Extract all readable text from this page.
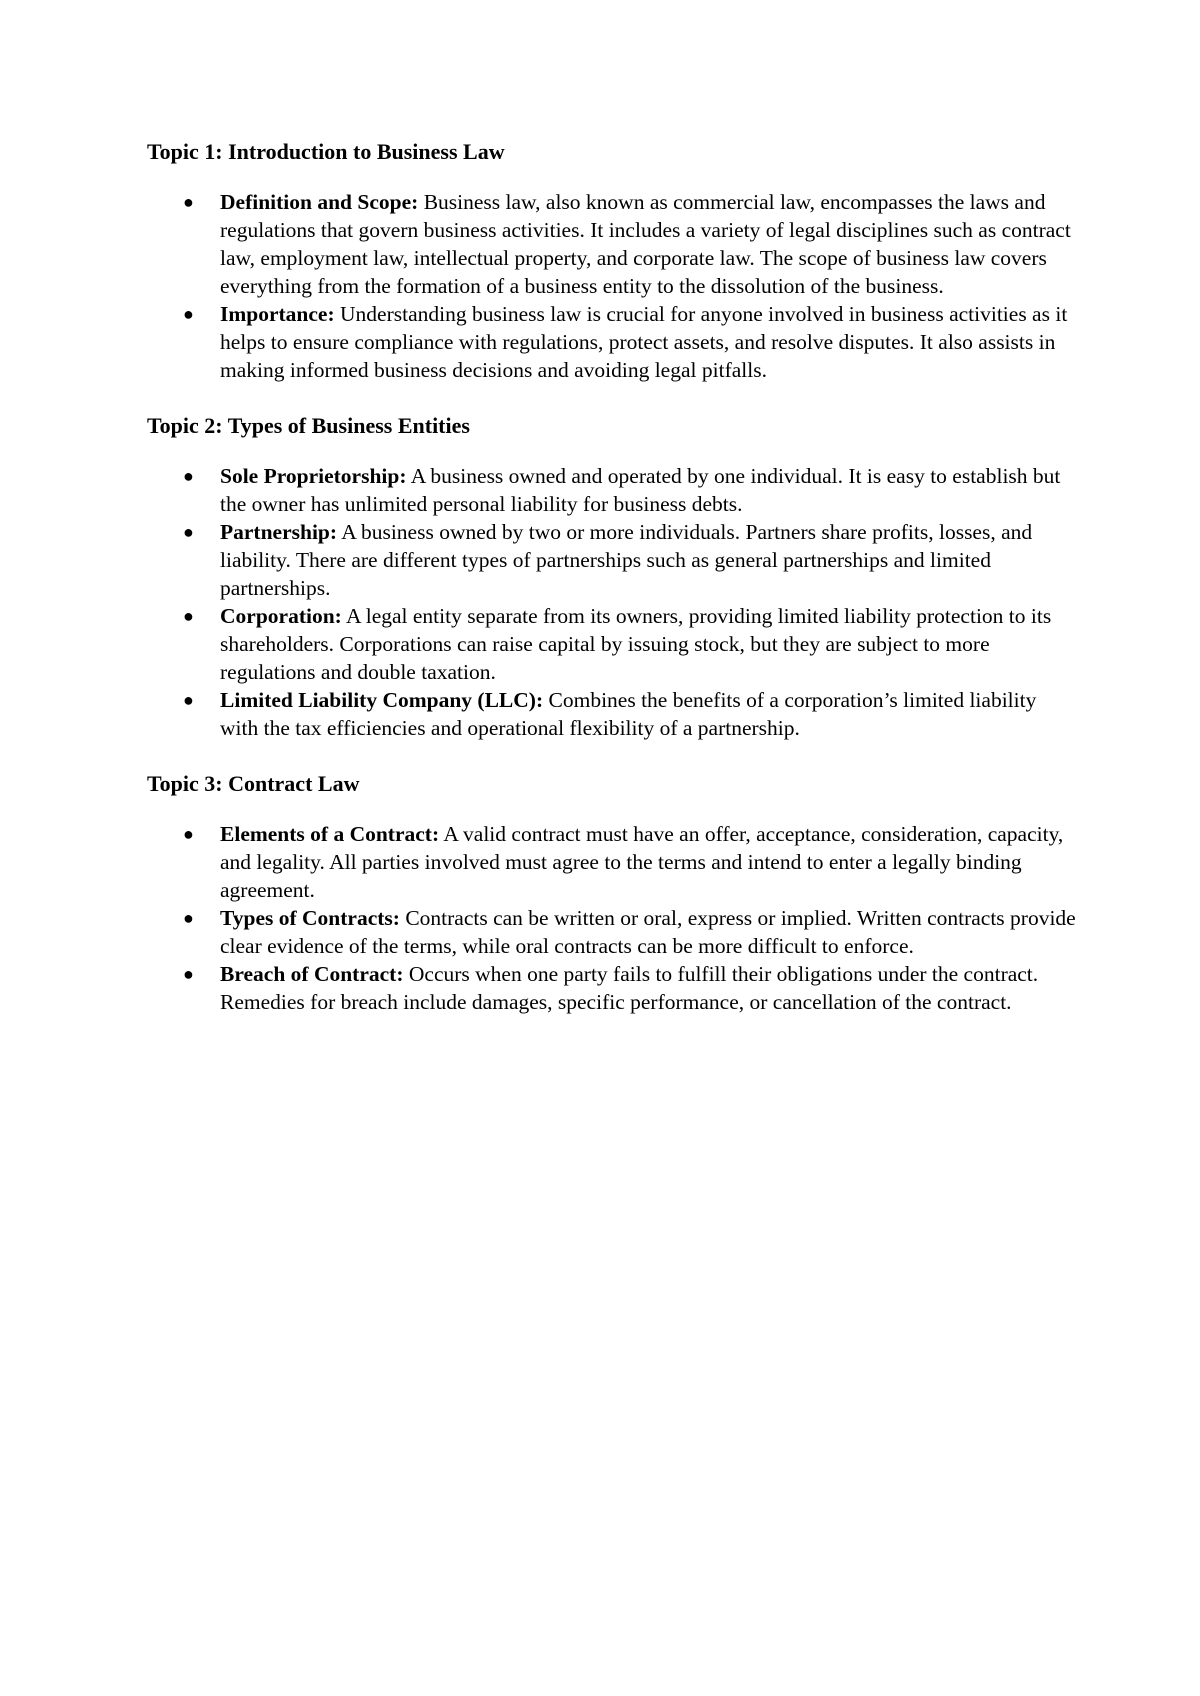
Topic 1: Introduction to Business Law

● Definition and Scope: Business law, also known as commercial law, encompasses the laws and regulations that govern business activities. It includes a variety of legal disciplines such as contract law, employment law, intellectual property, and corporate law. The scope of business law covers everything from the formation of a business entity to the dissolution of the business.
● Importance: Understanding business law is crucial for anyone involved in business activities as it helps to ensure compliance with regulations, protect assets, and resolve disputes. It also assists in making informed business decisions and avoiding legal pitfalls.

Topic 2: Types of Business Entities

● Sole Proprietorship: A business owned and operated by one individual. It is easy to establish but the owner has unlimited personal liability for business debts.
● Partnership: A business owned by two or more individuals. Partners share profits, losses, and liability. There are different types of partnerships such as general partnerships and limited partnerships.
● Corporation: A legal entity separate from its owners, providing limited liability protection to its shareholders. Corporations can raise capital by issuing stock, but they are subject to more regulations and double taxation.
● Limited Liability Company (LLC): Combines the benefits of a corporation’s limited liability with the tax efficiencies and operational flexibility of a partnership.

Topic 3: Contract Law

● Elements of a Contract: A valid contract must have an offer, acceptance, consideration, capacity, and legality. All parties involved must agree to the terms and intend to enter a legally binding agreement.
● Types of Contracts: Contracts can be written or oral, express or implied. Written contracts provide clear evidence of the terms, while oral contracts can be more difficult to enforce.
● Breach of Contract: Occurs when one party fails to fulfill their obligations under the contract. Remedies for breach include damages, specific performance, or cancellation of the contract.
